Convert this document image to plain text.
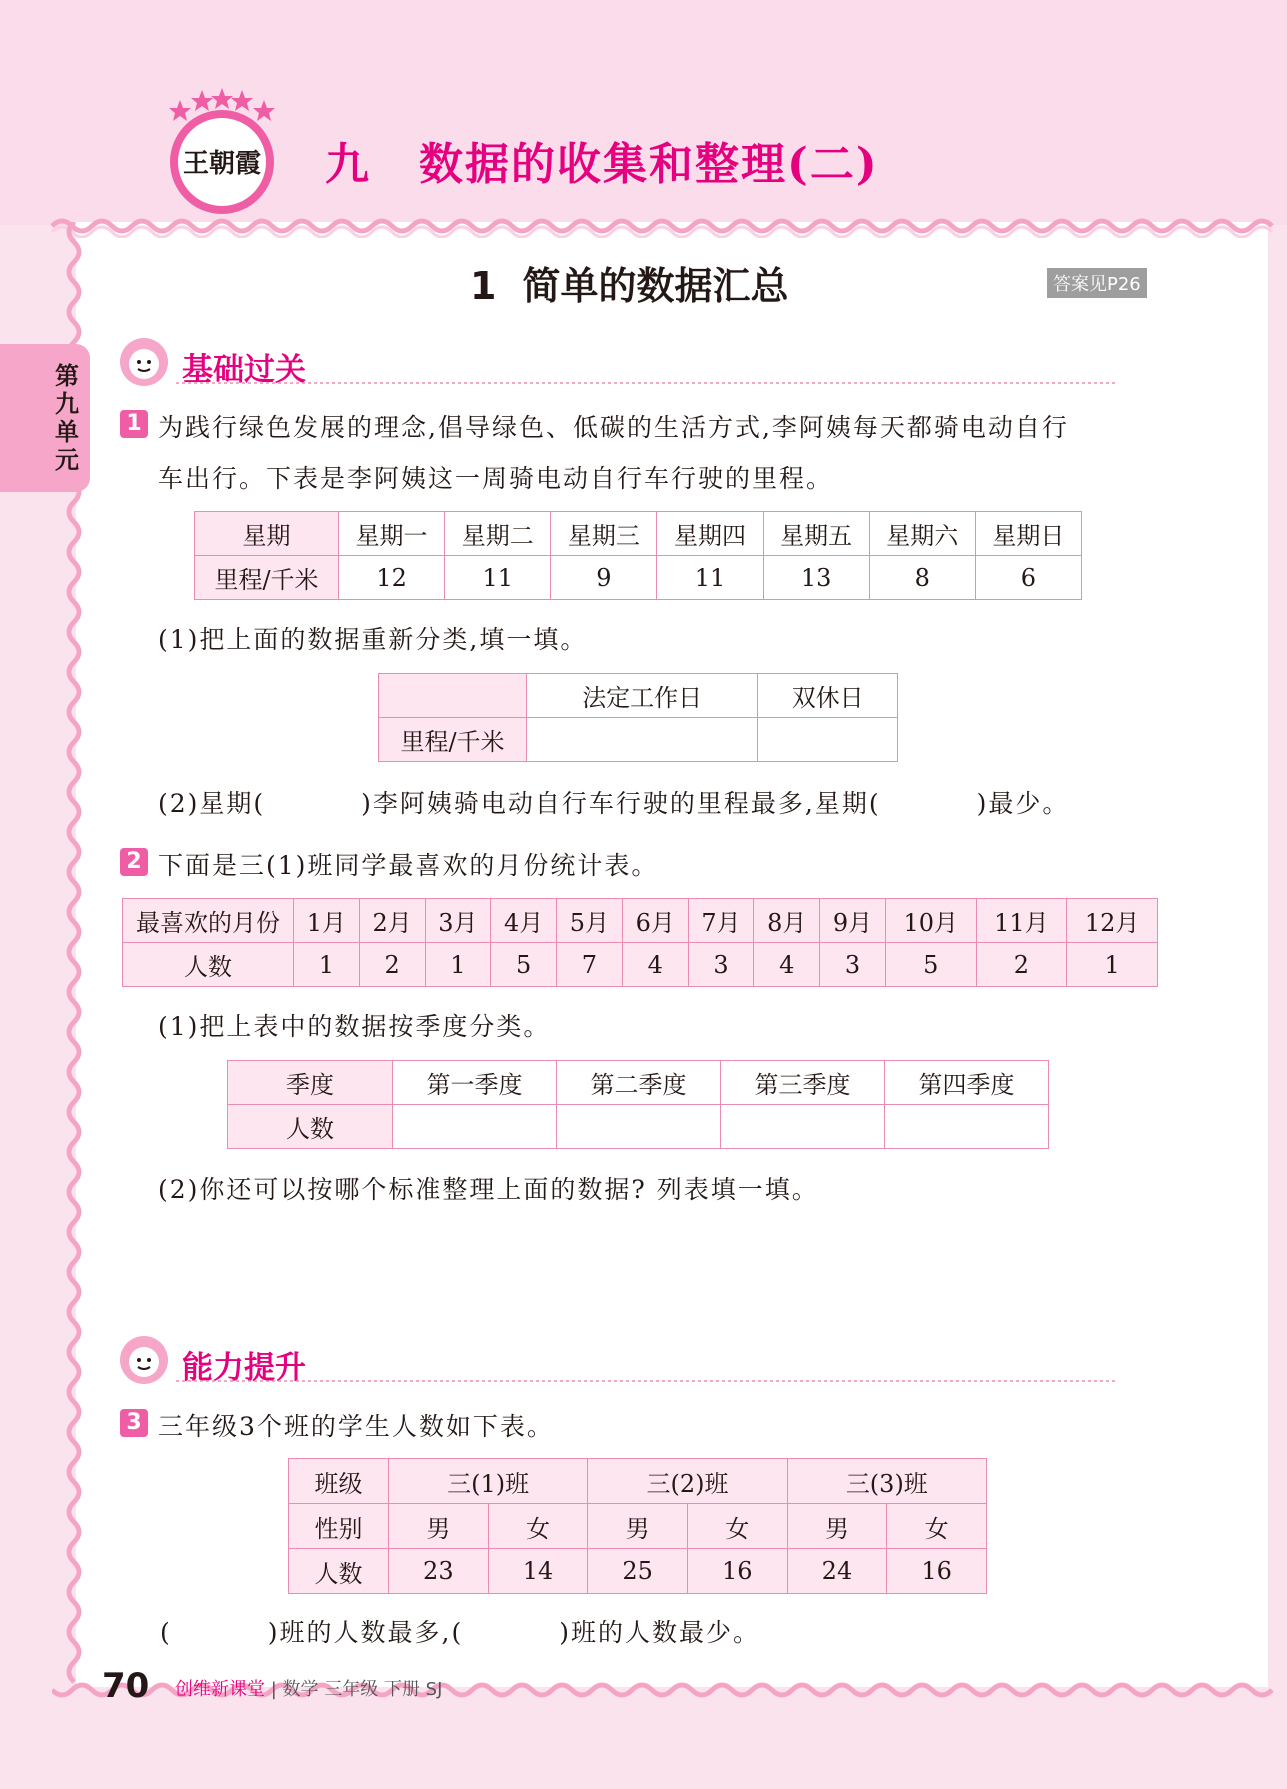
王朝霞 九 数据的收集和整理(二)
第九单元
1 简单的数据汇总	答案见P26
基础过关
1 为践行绿色发展的理念,倡导绿色、低碳的生活方式,李阿姨每天都骑电动自行
车出行。下表是李阿姨这一周骑电动自行车行驶的里程。
星期	星期一	星期二	星期三	星期四	星期五	星期六	星期日
里程/千米	12	11	9	11	13	8	6
(1)把上面的数据重新分类,填一填。
	法定工作日	双休日
里程/千米		
(2)星期(	)李阿姨骑电动自行车行驶的里程最多,星期(	)最少。
2 下面是三(1)班同学最喜欢的月份统计表。
最喜欢的月份	1月	2月	3月	4月	5月	6月	7月	8月	9月	10月	11月	12月
人数	1	2	1	5	7	4	3	4	3	5	2	1
(1)把上表中的数据按季度分类。
季度	第一季度	第二季度	第三季度	第四季度
人数				
(2)你还可以按哪个标准整理上面的数据? 列表填一填。
能力提升
3 三年级3个班的学生人数如下表。
班级	三(1)班		三(2)班		三(3)班	
性别	男	女	男	女	男	女
人数	23	14	25	16	24	16
(	)班的人数最多,(	)班的人数最少。
70 创维新课堂 | 数学 三年级 下册 SJ
